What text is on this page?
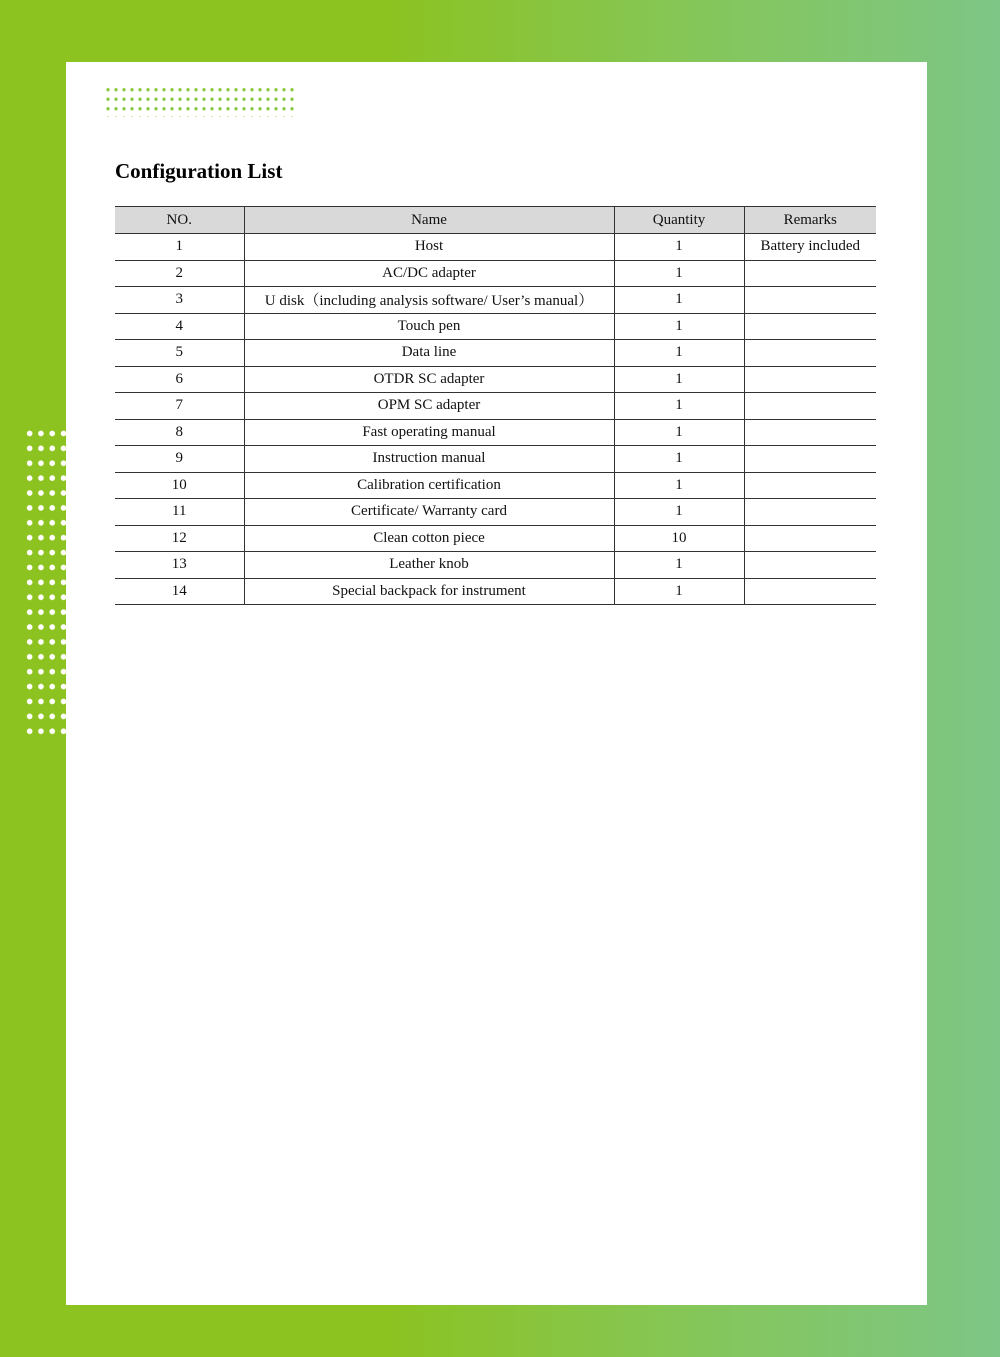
Configuration List
NO.	Name	Quantity	Remarks
1	Host	1	Battery included
2	AC/DC adapter	1	
3	U disk（including analysis software/ User’s manual）	1	
4	Touch pen	1	
5	Data line	1	
6	OTDR SC adapter	1	
7	OPM SC adapter	1	
8	Fast operating manual	1	
9	Instruction manual	1	
10	Calibration certification	1	
11	Certificate/ Warranty card	1	
12	Clean cotton piece	10	
13	Leather knob	1	
14	Special backpack for instrument	1	
